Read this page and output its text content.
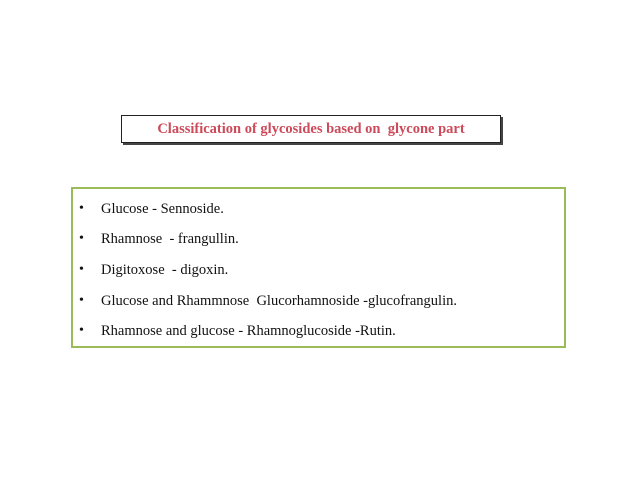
Classification of glycosides based on  glycone part
•	Glucose - Sennoside.
•	Rhamnose  - frangullin.
•	Digitoxose  - digoxin.
•	Glucose and Rhammnose  Glucorhamnoside -glucofrangulin.
•	Rhamnose and glucose - Rhamnoglucoside -Rutin.
